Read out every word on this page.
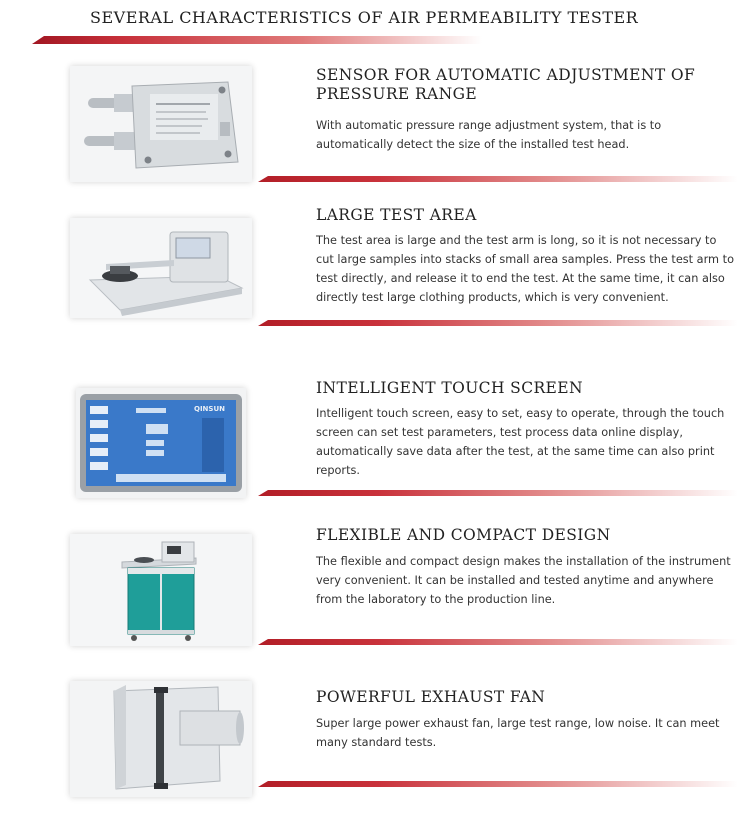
SEVERAL CHARACTERISTICS OF AIR PERMEABILITY TESTER
SENSOR FOR AUTOMATIC ADJUSTMENT OF PRESSURE RANGE
With automatic pressure range adjustment system, that is to automatically detect the size of the installed test head.
LARGE TEST AREA
The test area is large and the test arm is long, so it is not necessary to cut large samples into stacks of small area samples. Press the test arm to test directly, and release it to end the test. At the same time, it can also directly test large clothing products, which is very convenient.
QINSUN
INTELLIGENT TOUCH SCREEN
Intelligent touch screen, easy to set, easy to operate, through the touch screen can set test parameters, test process data online display, automatically save data after the test, at the same time can also print reports.
FLEXIBLE AND COMPACT DESIGN
The flexible and compact design makes the installation of the instrument very convenient. It can be installed and tested anytime and anywhere from the laboratory to the production line.
POWERFUL EXHAUST FAN
Super large power exhaust fan, large test range, low noise. It can meet many standard tests.
